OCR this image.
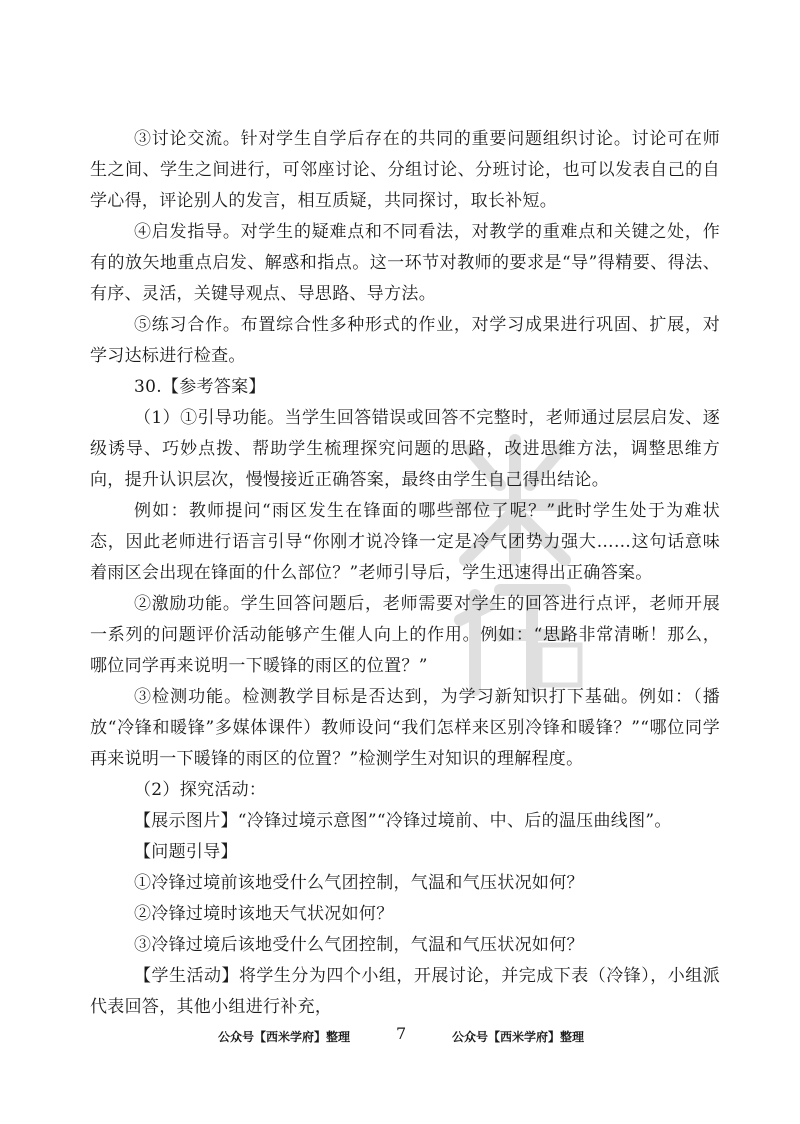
③讨论交流。针对学生自学后存在的共同的重要问题组织讨论。讨论可在师生之间、学生之间进行，可邻座讨论、分组讨论、分班讨论，也可以发表自己的自学心得，评论别人的发言，相互质疑，共同探讨，取长补短。

④启发指导。对学生的疑难点和不同看法，对教学的重难点和关键之处，作有的放矢地重点启发、解惑和指点。这一环节对教师的要求是“导”得精要、得法、有序、灵活，关键导观点、导思路、导方法。

⑤练习合作。布置综合性多种形式的作业，对学习成果进行巩固、扩展，对学习达标进行检查。

30.【参考答案】

（1）①引导功能。当学生回答错误或回答不完整时，老师通过层层启发、逐级诱导、巧妙点拨、帮助学生梳理探究问题的思路，改进思维方法，调整思维方向，提升认识层次，慢慢接近正确答案，最终由学生自己得出结论。

例如：教师提问“雨区发生在锋面的哪些部位了呢？”此时学生处于为难状态，因此老师进行语言引导“你刚才说冷锋一定是冷气团势力强大……这句话意味着雨区会出现在锋面的什么部位？”老师引导后，学生迅速得出正确答案。

②激励功能。学生回答问题后，老师需要对学生的回答进行点评，老师开展一系列的问题评价活动能够产生催人向上的作用。例如：“思路非常清晰！那么，哪位同学再来说明一下暖锋的雨区的位置？”

③检测功能。检测教学目标是否达到，为学习新知识打下基础。例如：（播放“冷锋和暖锋”多媒体课件）教师设问“我们怎样来区别冷锋和暖锋？”“哪位同学再来说明一下暖锋的雨区的位置？”检测学生对知识的理解程度。

（2）探究活动：

【展示图片】“冷锋过境示意图”“冷锋过境前、中、后的温压曲线图”。

【问题引导】

①冷锋过境前该地受什么气团控制，气温和气压状况如何？

②冷锋过境时该地天气状况如何？

③冷锋过境后该地受什么气团控制，气温和气压状况如何？

【学生活动】将学生分为四个小组，开展讨论，并完成下表（冷锋），小组派代表回答，其他小组进行补充，

公众号【西米学府】整理	7	公众号【西米学府】整理
